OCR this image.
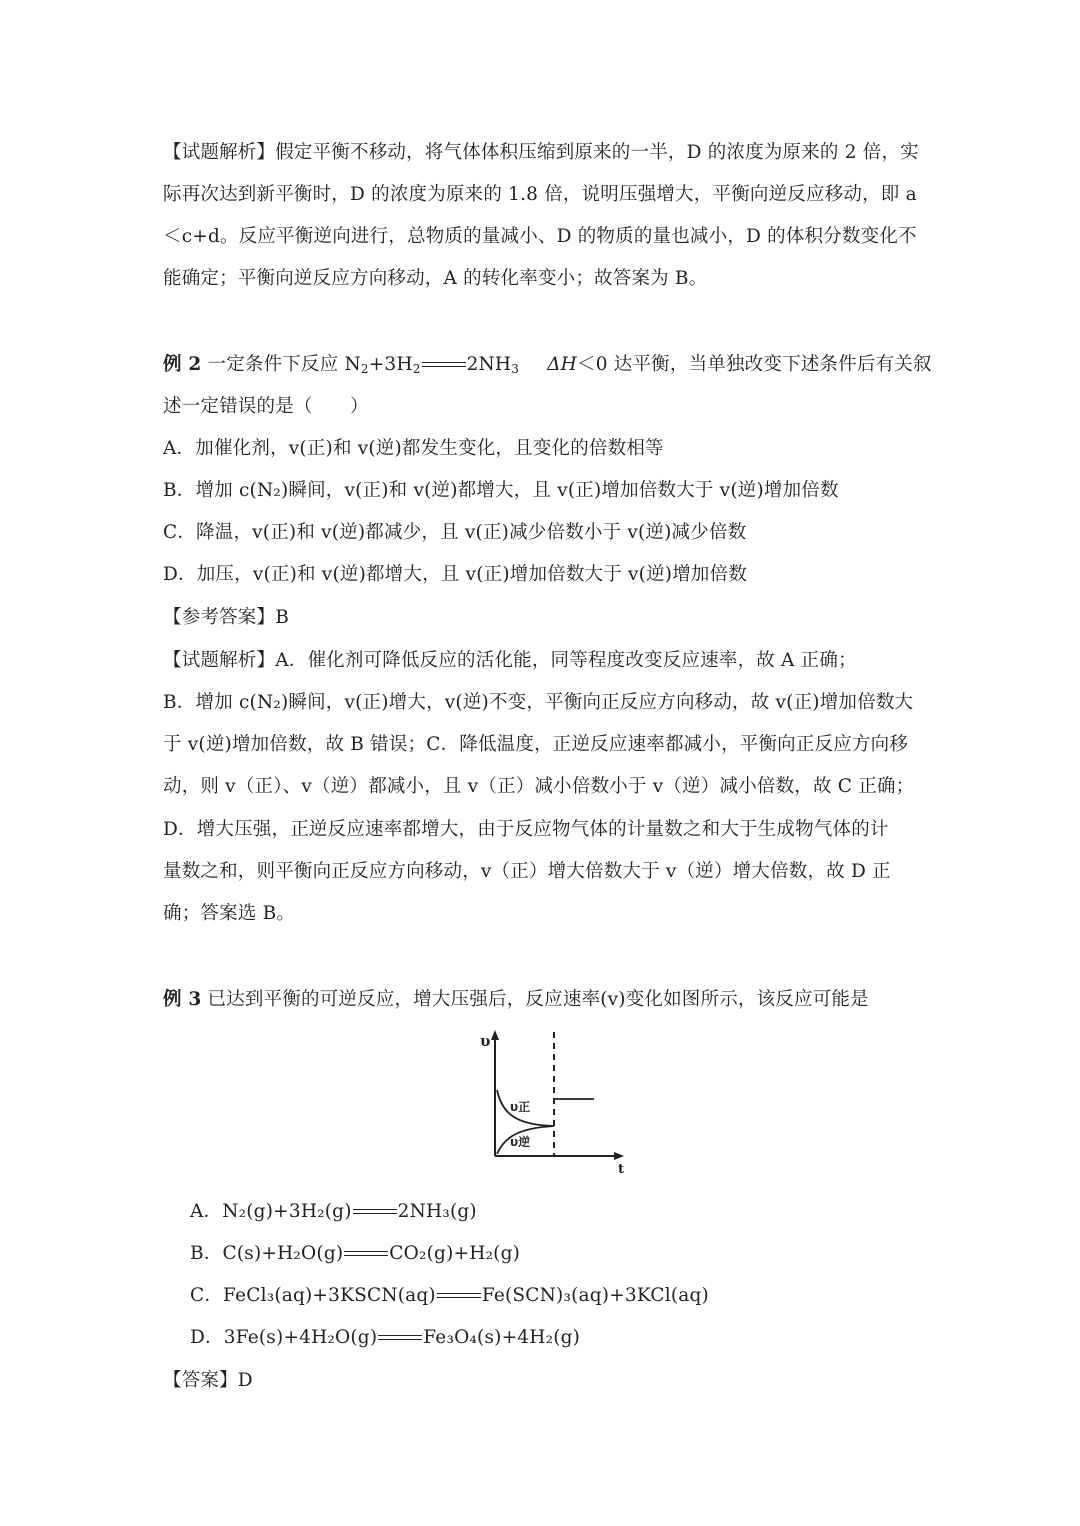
【试题解析】假定平衡不移动，将气体体积压缩到原来的一半，D 的浓度为原来的 2 倍，实
际再次达到新平衡时，D 的浓度为原来的 1.8 倍，说明压强增大，平衡向逆反应移动，即 a
＜c+d。反应平衡逆向进行，总物质的量减小、D 的物质的量也减小，D 的体积分数变化不
能确定；平衡向逆反应方向移动，A 的转化率变小；故答案为 B。
例 2 一定条件下反应 $N_2+3H_2$ $2NH_3$ ΔH＜0 达平衡，当单独改变下述条件后有关叙
述一定错误的是（　　）
A．加催化剂，v(正)和 v(逆)都发生变化，且变化的倍数相等
B．增加 c(N₂)瞬间，v(正)和 v(逆)都增大，且 v(正)增加倍数大于 v(逆)增加倍数
C．降温，v(正)和 v(逆)都减少，且 v(正)减少倍数小于 v(逆)减少倍数
D．加压，v(正)和 v(逆)都增大，且 v(正)增加倍数大于 v(逆)增加倍数
【参考答案】B
【试题解析】A．催化剂可降低反应的活化能，同等程度改变反应速率，故 A 正确；
B．增加 c(N₂)瞬间，v(正)增大，v(逆)不变，平衡向正反应方向移动，故 v(正)增加倍数大
于 v(逆)增加倍数，故 B 错误；C．降低温度，正逆反应速率都减小，平衡向正反应方向移
动，则 v（正）、v（逆）都减小，且 v（正）减小倍数小于 v（逆）减小倍数，故 C 正确；
D．增大压强，正逆反应速率都增大，由于反应物气体的计量数之和大于生成物气体的计
量数之和，则平衡向正反应方向移动，v（正）增大倍数大于 v（逆）增大倍数，故 D 正
确；答案选 B。
例 3 已达到平衡的可逆反应，增大压强后，反应速率(v)变化如图所示，该反应可能是
υ
t
υ正
υ逆
A．N₂(g)+3H₂(g) 2NH₃(g)
B．C(s)+H₂O(g) CO₂(g)+H₂(g)
C．FeCl₃(aq)+3KSCN(aq) Fe(SCN)₃(aq)+3KCl(aq)
D．3Fe(s)+4H₂O(g) Fe₃O₄(s)+4H₂(g)
【答案】D
